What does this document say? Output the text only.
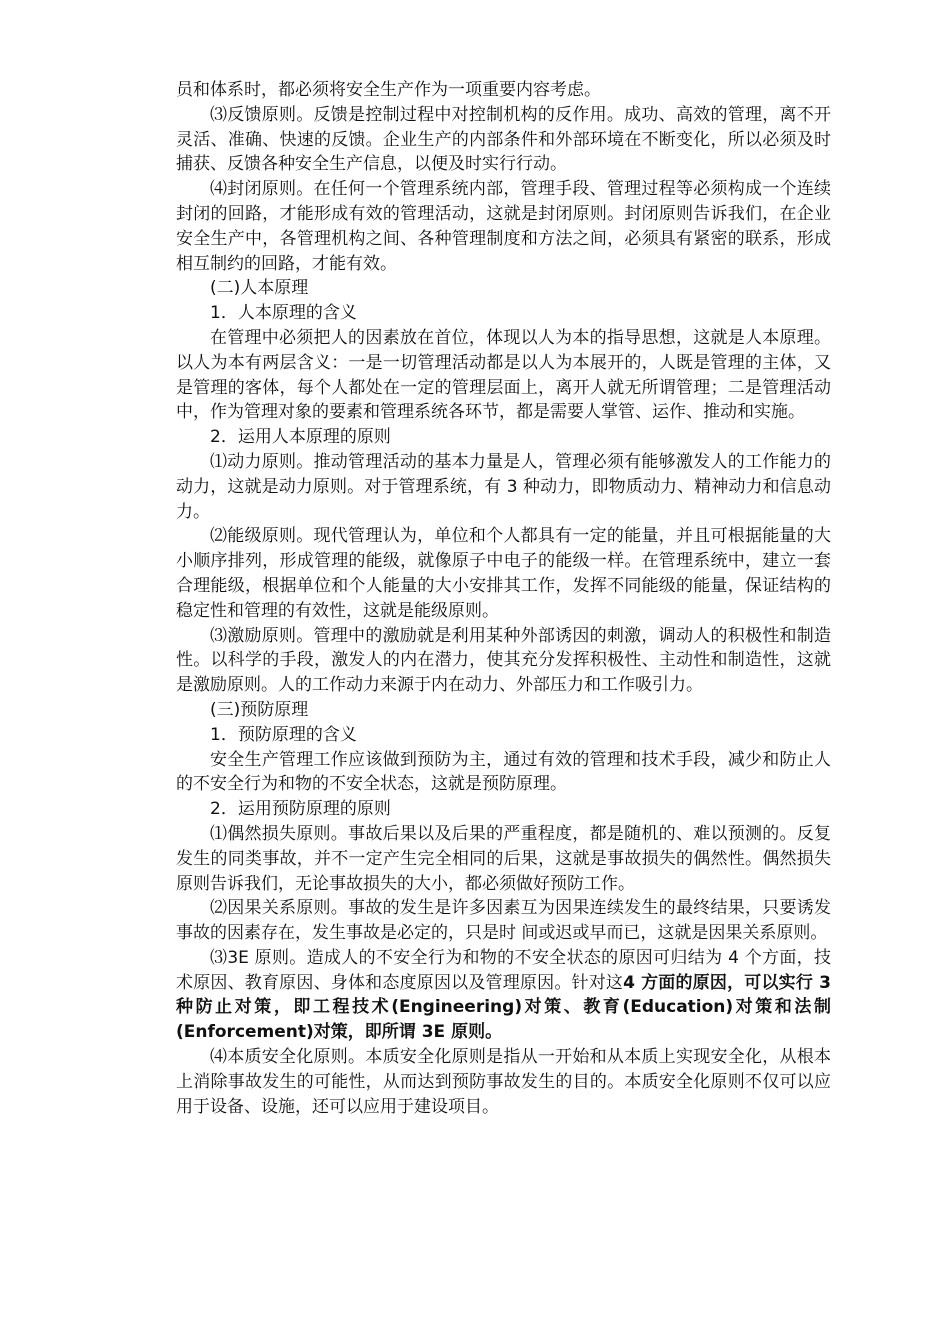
员和体系时，都必须将安全生产作为一项重要内容考虑。

⑶反馈原则。反馈是控制过程中对控制机构的反作用。成功、高效的管理，离不开灵活、准确、快速的反馈。企业生产的内部条件和外部环境在不断变化，所以必须及时捕获、反馈各种安全生产信息，以便及时实行行动。

⑷封闭原则。在任何一个管理系统内部，管理手段、管理过程等必须构成一个连续封闭的回路，才能形成有效的管理活动，这就是封闭原则。封闭原则告诉我们，在企业安全生产中，各管理机构之间、各种管理制度和方法之间，必须具有紧密的联系，形成相互制约的回路，才能有效。

(二)人本原理

1．人本原理的含义

在管理中必须把人的因素放在首位，体现以人为本的指导思想，这就是人本原理。以人为本有两层含义：一是一切管理活动都是以人为本展开的，人既是管理的主体，又是管理的客体，每个人都处在一定的管理层面上，离开人就无所谓管理；二是管理活动中，作为管理对象的要素和管理系统各环节，都是需要人掌管、运作、推动和实施。

2．运用人本原理的原则

⑴动力原则。推动管理活动的基本力量是人，管理必须有能够激发人的工作能力的动力，这就是动力原则。对于管理系统，有 3 种动力，即物质动力、精神动力和信息动力。

⑵能级原则。现代管理认为，单位和个人都具有一定的能量，并且可根据能量的大小顺序排列，形成管理的能级，就像原子中电子的能级一样。在管理系统中，建立一套合理能级，根据单位和个人能量的大小安排其工作，发挥不同能级的能量，保证结构的稳定性和管理的有效性，这就是能级原则。

⑶激励原则。管理中的激励就是利用某种外部诱因的刺激，调动人的积极性和制造性。以科学的手段，激发人的内在潜力，使其充分发挥积极性、主动性和制造性，这就是激励原则。人的工作动力来源于内在动力、外部压力和工作吸引力。

(三)预防原理

1．预防原理的含义

安全生产管理工作应该做到预防为主，通过有效的管理和技术手段，减少和防止人的不安全行为和物的不安全状态，这就是预防原理。

2．运用预防原理的原则

⑴偶然损失原则。事故后果以及后果的严重程度，都是随机的、难以预测的。反复发生的同类事故，并不一定产生完全相同的后果，这就是事故损失的偶然性。偶然损失原则告诉我们，无论事故损失的大小，都必须做好预防工作。

⑵因果关系原则。事故的发生是许多因素互为因果连续发生的最终结果，只要诱发事故的因素存在，发生事故是必定的，只是时 间或迟或早而已，这就是因果关系原则。

⑶3E 原则。造成人的不安全行为和物的不安全状态的原因可归结为 4 个方面，技术原因、教育原因、身体和态度原因以及管理原因。针对这4 方面的原因，可以实行 3 种防止对策，即工程技术(Engineering)对策、教育(Education)对策和法制(Enforcement)对策，即所谓 3E 原则。

⑷本质安全化原则。本质安全化原则是指从一开始和从本质上实现安全化，从根本上消除事故发生的可能性，从而达到预防事故发生的目的。本质安全化原则不仅可以应用于设备、设施，还可以应用于建设项目。
